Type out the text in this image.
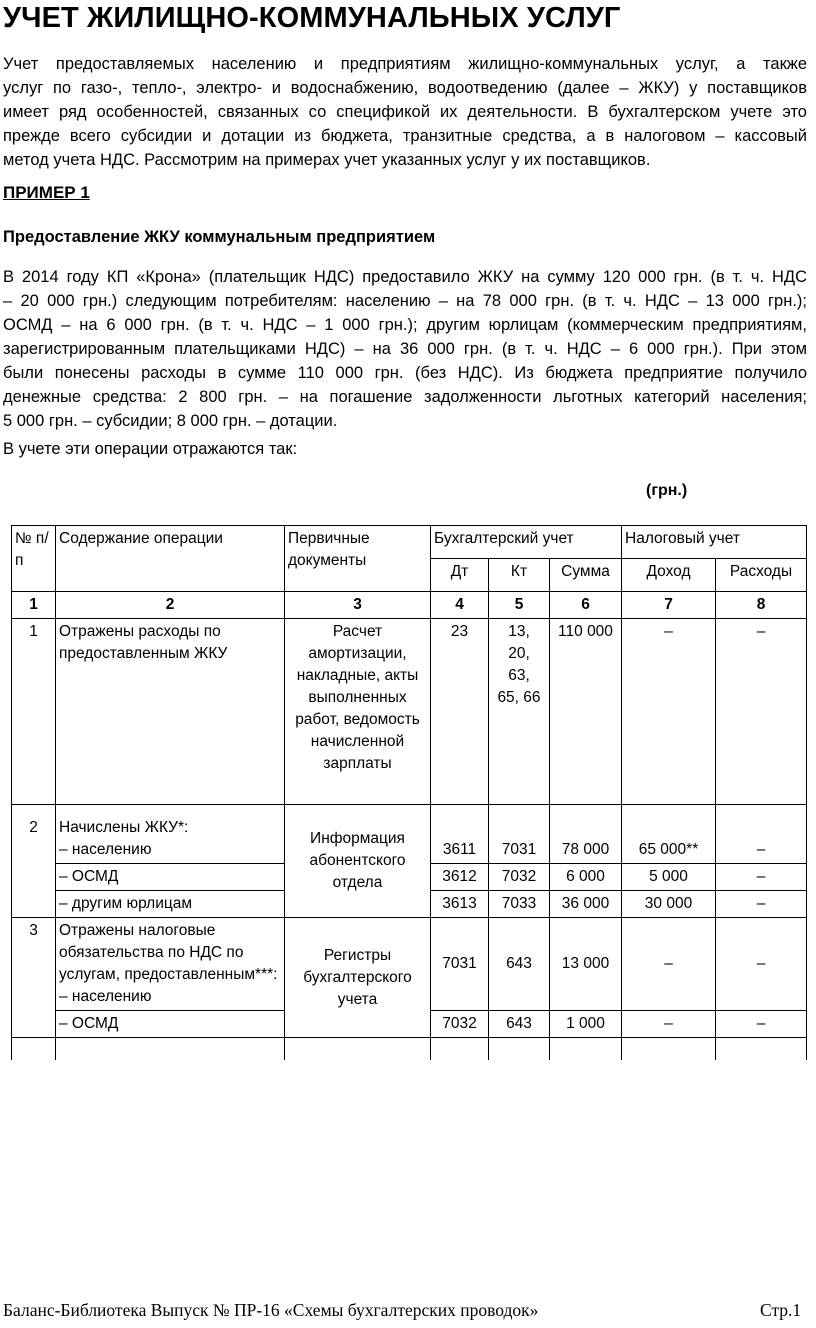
УЧЕТ ЖИЛИЩНО-КОММУНАЛЬНЫХ УСЛУГ

Учет предоставляемых населению и предприятиям жилищно-коммунальных услуг, а также
услуг по газо-, тепло-, электро- и водоснабжению, водоотведению (далее – ЖКУ) у поставщиков
имеет ряд особенностей, связанных со спецификой их деятельности. В бухгалтерском учете это
прежде всего субсидии и дотации из бюджета, транзитные средства, а в налоговом – кассовый
метод учета НДС. Рассмотрим на примерах учет указанных услуг у их поставщиков.

ПРИМЕР 1
Предоставление ЖКУ коммунальным предприятием

В 2014 году КП «Крона» (плательщик НДС) предоставило ЖКУ на сумму 120 000 грн. (в т. ч. НДС
– 20 000 грн.) следующим потребителям: населению – на 78 000 грн. (в т. ч. НДС – 13 000 грн.);
ОСМД – на 6 000 грн. (в т. ч. НДС – 1 000 грн.); другим юрлицам (коммерческим предприятиям,
зарегистрированным плательщиками НДС) – на 36 000 грн. (в т. ч. НДС – 6 000 грн.). При этом
были понесены расходы в сумме 110 000 грн. (без НДС). Из бюджета предприятие получило
денежные средства: 2 800 грн. – на погашение задолженности льготных категорий населения;
5 000 грн. – субсидии; 8 000 грн. – дотации.

В учете эти операции отражаются так:

(грн.)

№ п/п	Содержание операции	Первичные документы	Бухгалтерский учет			Налоговый учет	
			Дт	Кт	Сумма	Доход	Расходы
1	2	3	4	5	6	7	8
1	Отражены расходы по предоставленным ЖКУ	Расчет амортизации, накладные, акты выполненных работ, ведомость начисленной зарплаты	23	13,
20,
63,
65, 66	110 000	–	–
2	Начислены ЖКУ*:
– населению	Информация абонентского отдела	3611	7031	78 000	65 000**	–
	– ОСМД		3612	7032	6 000	5 000	–
	– другим юрлицам		3613	7033	36 000	30 000	–
3	Отражены налоговые обязательства по НДС по услугам, предоставленным***:
– населению	Регистры бухгалтерского учета	7031	643	13 000	–	–
	– ОСМД		7032	643	1 000	–	–

Баланс-Библиотека Выпуск № ПР-16 «Схемы бухгалтерских проводок»	Стр.1
